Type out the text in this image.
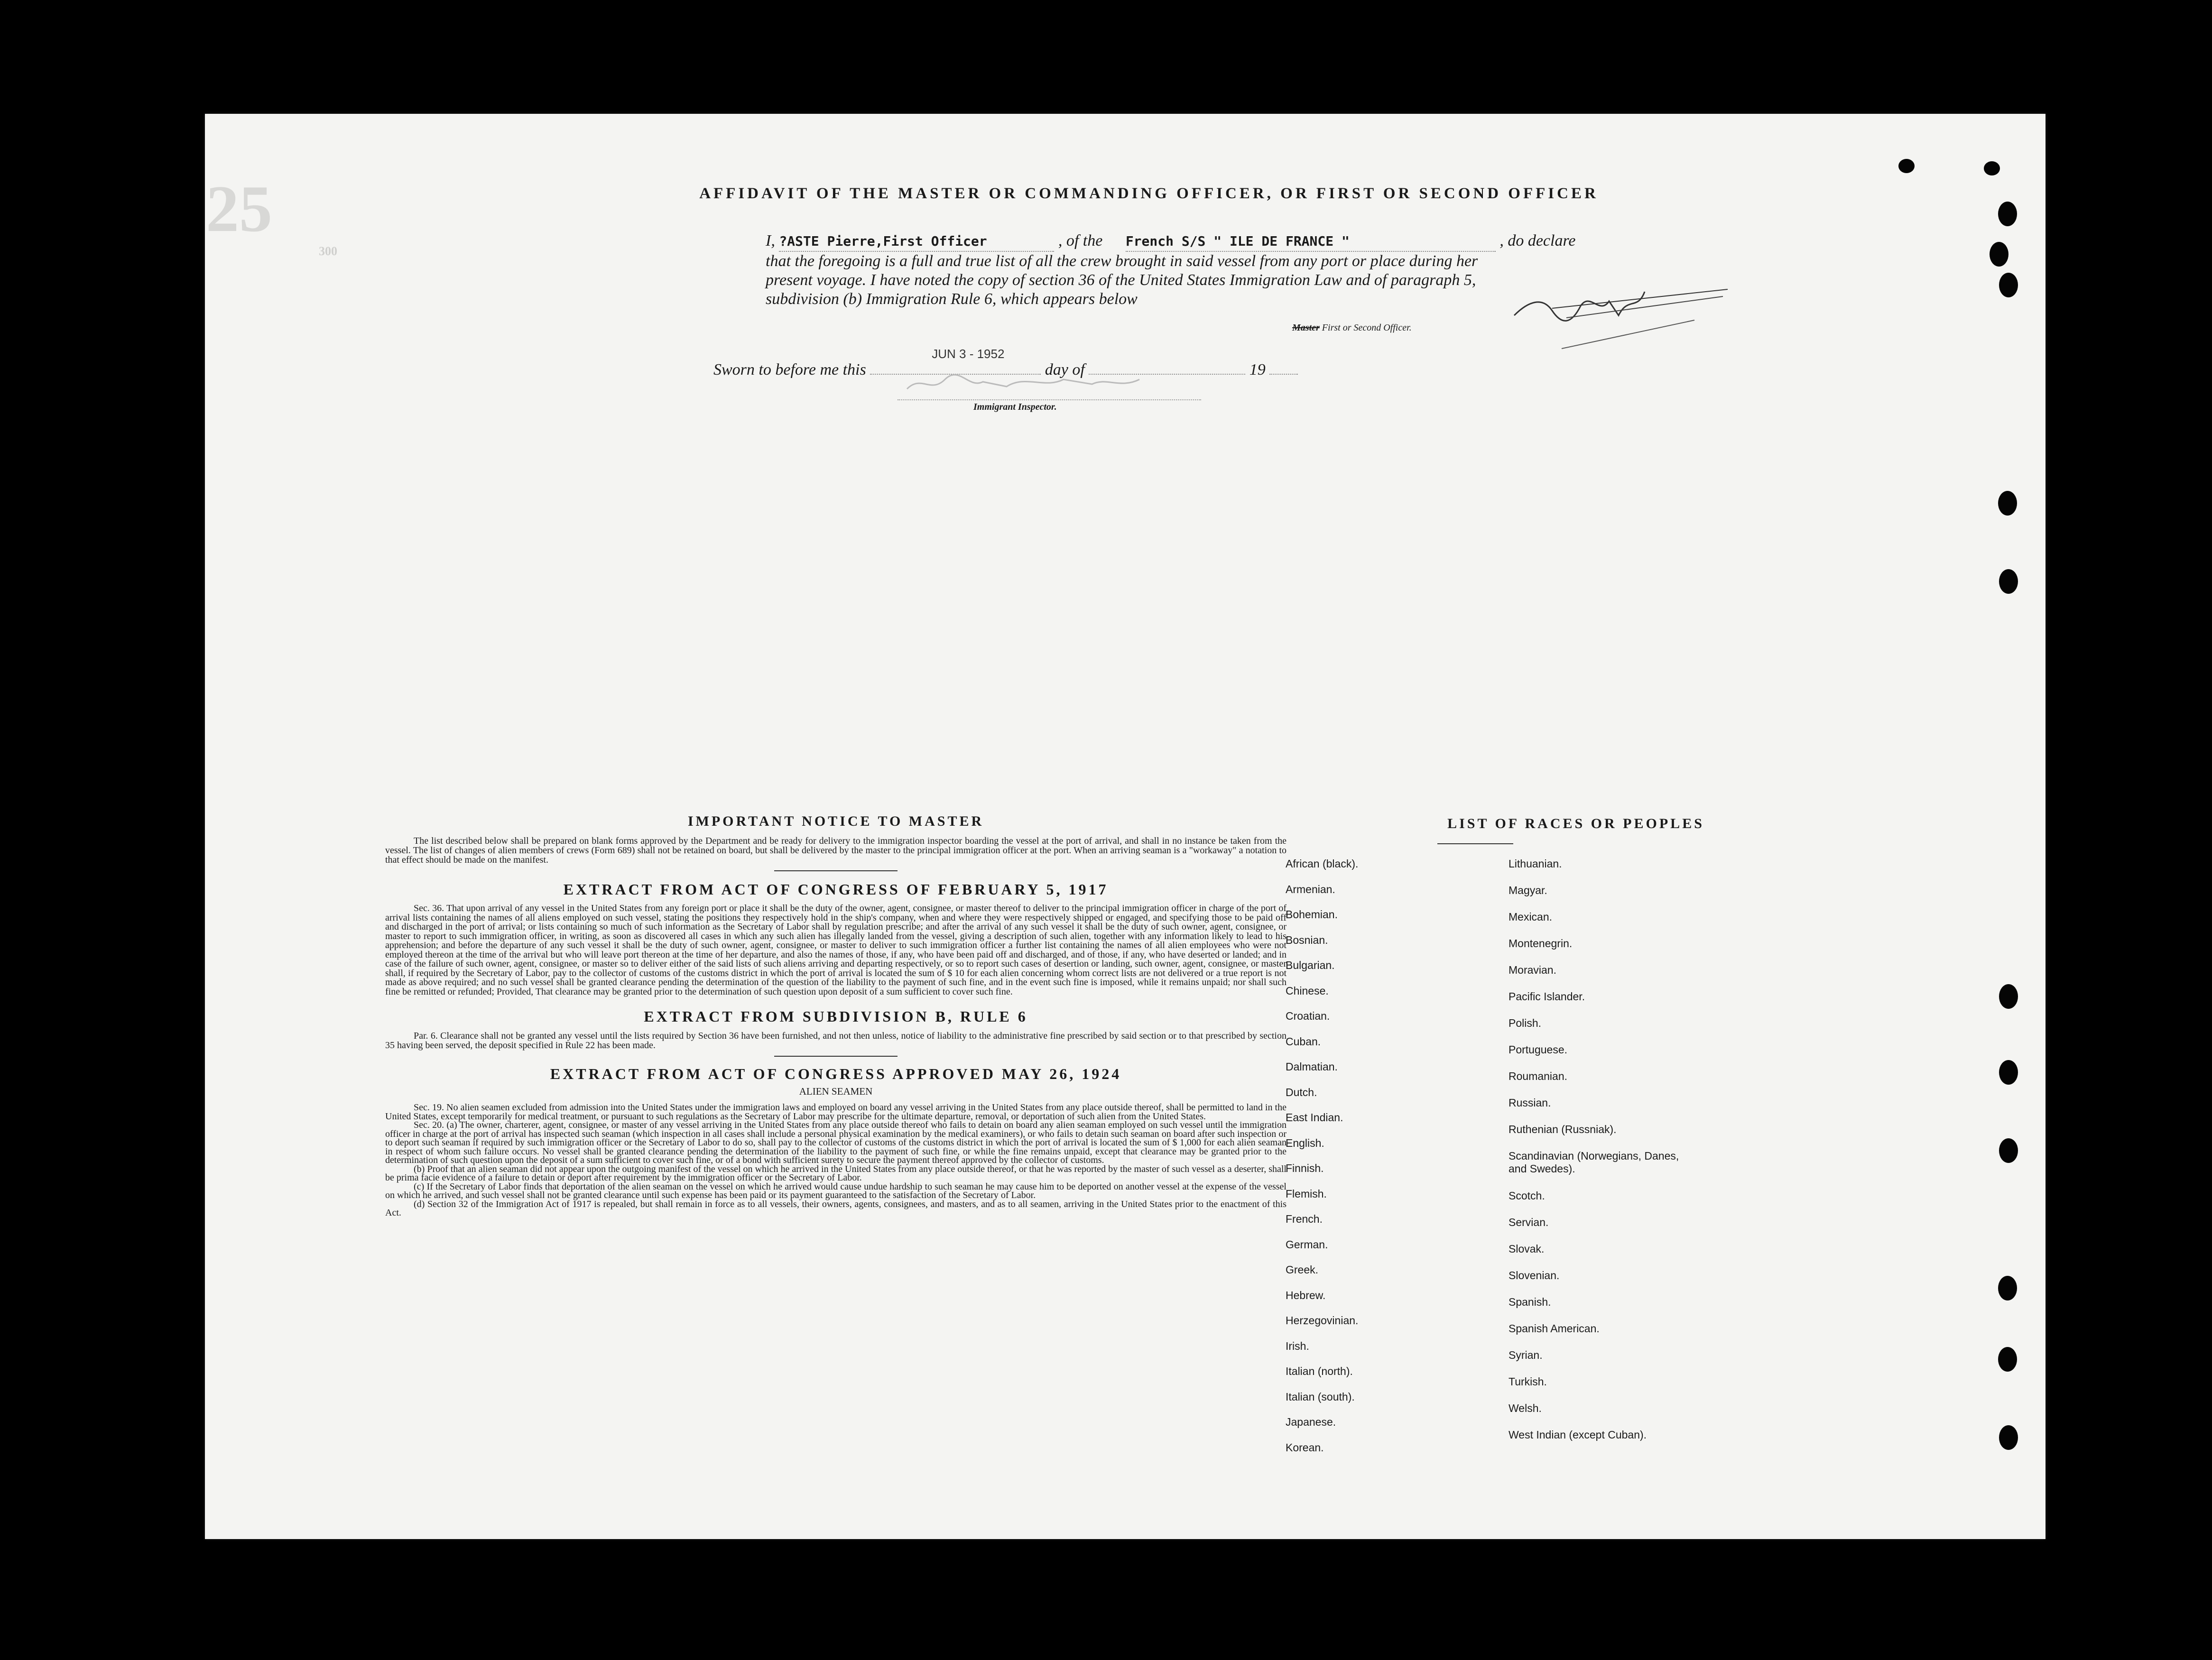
25
300
AFFIDAVIT OF THE MASTER OR COMMANDING OFFICER, OR FIRST OR SECOND OFFICER
I, ?ASTE Pierre,First Officer	, of the French S/S " ILE DE FRANCE "	, do declare
that the foregoing is a full and true list of all the crew brought in said vessel from any port or place during her
present voyage. I have noted the copy of section 36 of the United States Immigration Law and of paragraph 5,
subdivision (b) Immigration Rule 6, which appears below
Master First or Second Officer.
Sworn to before me this
JUN 3 - 1952
day of	19
Immigrant Inspector.
IMPORTANT NOTICE TO MASTER
The list described below shall be prepared on blank forms approved by the Department and be ready for delivery to the immigration inspector boarding the vessel at the port of arrival, and shall in no instance be taken from the vessel. The list of changes of alien members of crews (Form 689) shall not be retained on board, but shall be delivered by the master to the principal immigration officer at the port. When an arriving seaman is a "workaway" a notation to that effect should be made on the manifest.
EXTRACT FROM ACT OF CONGRESS OF FEBRUARY 5, 1917
Sec. 36. That upon arrival of any vessel in the United States from any foreign port or place it shall be the duty of the owner, agent, consignee, or master thereof to deliver to the principal immigration officer in charge of the port of arrival lists containing the names of all aliens employed on such vessel, stating the positions they respectively hold in the ship's company, when and where they were respectively shipped or engaged, and specifying those to be paid off and discharged in the port of arrival; or lists containing so much of such information as the Secretary of Labor shall by regulation prescribe; and after the arrival of any such vessel it shall be the duty of such owner, agent, consignee, or master to report to such immigration officer, in writing, as soon as discovered all cases in which any such alien has illegally landed from the vessel, giving a description of such alien, together with any information likely to lead to his apprehension; and before the departure of any such vessel it shall be the duty of such owner, agent, consignee, or master to deliver to such immigration officer a further list containing the names of all alien employees who were not employed thereon at the time of the arrival but who will leave port thereon at the time of her departure, and also the names of those, if any, who have been paid off and discharged, and of those, if any, who have deserted or landed; and in case of the failure of such owner, agent, consignee, or master so to deliver either of the said lists of such aliens arriving and departing respectively, or so to report such cases of desertion or landing, such owner, agent, consignee, or master shall, if required by the Secretary of Labor, pay to the collector of customs of the customs district in which the port of arrival is located the sum of $ 10 for each alien concerning whom correct lists are not delivered or a true report is not made as above required; and no such vessel shall be granted clearance pending the determination of the question of the liability to the payment of such fine, and in the event such fine is imposed, while it remains unpaid; nor shall such fine be remitted or refunded; Provided, That clearance may be granted prior to the determination of such question upon deposit of a sum sufficient to cover such fine.
EXTRACT FROM SUBDIVISION B, RULE 6
Par. 6. Clearance shall not be granted any vessel until the lists required by Section 36 have been furnished, and not then unless, notice of liability to the administrative fine prescribed by said section or to that prescribed by section 35 having been served, the deposit specified in Rule 22 has been made.
EXTRACT FROM ACT OF CONGRESS APPROVED MAY 26, 1924
ALIEN SEAMEN
Sec. 19. No alien seamen excluded from admission into the United States under the immigration laws and employed on board any vessel arriving in the United States from any place outside thereof, shall be permitted to land in the United States, except temporarily for medical treatment, or pursuant to such regulations as the Secretary of Labor may prescribe for the ultimate departure, removal, or deportation of such alien from the United States.
Sec. 20. (a) The owner, charterer, agent, consignee, or master of any vessel arriving in the United States from any place outside thereof who fails to detain on board any alien seaman employed on such vessel until the immigration officer in charge at the port of arrival has inspected such seaman (which inspection in all cases shall include a personal physical examination by the medical examiners), or who fails to detain such seaman on board after such inspection or to deport such seaman if required by such immigration officer or the Secretary of Labor to do so, shall pay to the collector of customs of the customs district in which the port of arrival is located the sum of $ 1,000 for each alien seaman in respect of whom such failure occurs. No vessel shall be granted clearance pending the determination of the liability to the payment of such fine, or while the fine remains unpaid, except that clearance may be granted prior to the determination of such question upon the deposit of a sum sufficient to cover such fine, or of a bond with sufficient surety to secure the payment thereof approved by the collector of customs.
(b) Proof that an alien seaman did not appear upon the outgoing manifest of the vessel on which he arrived in the United States from any place outside thereof, or that he was reported by the master of such vessel as a deserter, shall be prima facie evidence of a failure to detain or deport after requirement by the immigration officer or the Secretary of Labor.
(c) If the Secretary of Labor finds that deportation of the alien seaman on the vessel on which he arrived would cause undue hardship to such seaman he may cause him to be deported on another vessel at the expense of the vessel on which he arrived, and such vessel shall not be granted clearance until such expense has been paid or its payment guaranteed to the satisfaction of the Secretary of Labor.
(d) Section 32 of the Immigration Act of 1917 is repealed, but shall remain in force as to all vessels, their owners, agents, consignees, and masters, and as to all seamen, arriving in the United States prior to the enactment of this Act.
LIST OF RACES OR PEOPLES
African (black).
Armenian.
Bohemian.
Bosnian.
Bulgarian.
Chinese.
Croatian.
Cuban.
Dalmatian.
Dutch.
East Indian.
English.
Finnish.
Flemish.
French.
German.
Greek.
Hebrew.
Herzegovinian.
Irish.
Italian (north).
Italian (south).
Japanese.
Korean.
Lithuanian.
Magyar.
Mexican.
Montenegrin.
Moravian.
Pacific Islander.
Polish.
Portuguese.
Roumanian.
Russian.
Ruthenian (Russniak).
Scandinavian (Norwegians, Danes, and Swedes).
Scotch.
Servian.
Slovak.
Slovenian.
Spanish.
Spanish American.
Syrian.
Turkish.
Welsh.
West Indian (except Cuban).
